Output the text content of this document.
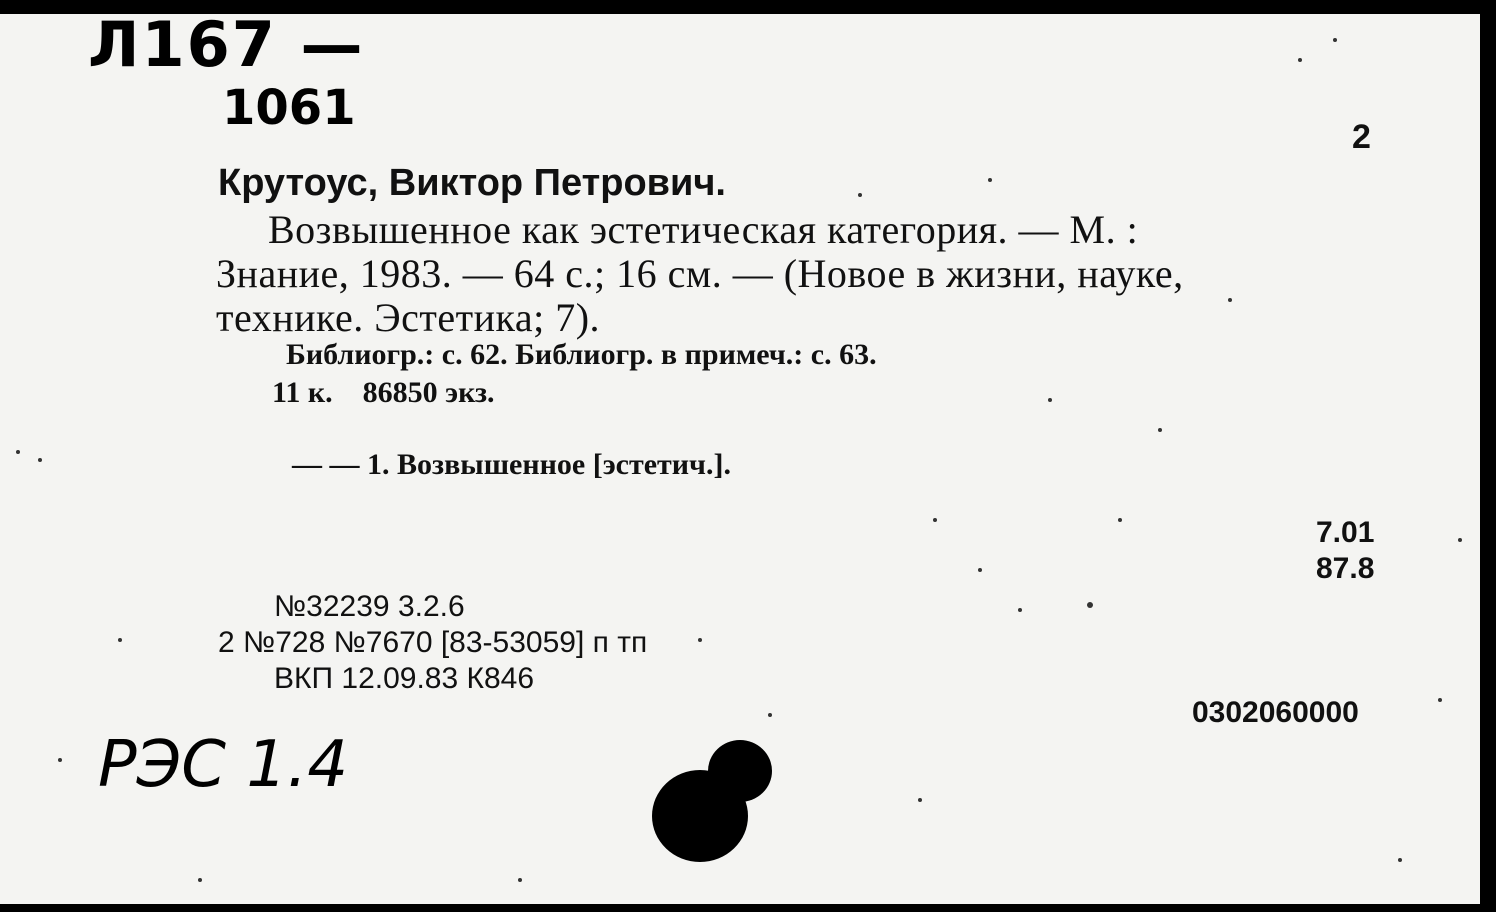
Л167 —
1061
2
Крутоус, Виктор Петрович.
Возвышенное как эстетическая категория. — М. :
Знание, 1983. — 64 с.; 16 см. — (Новое в жизни, науке,
технике. Эстетика; 7).
Библиогр.: с. 62. Библиогр. в примеч.: с. 63.
11 к.    86850 экз.
— — 1. Возвышенное [эстетич.].
7.01
87.8
№32239 3.2.6
2 №728 №7670 [83-53059] п тп
ВКП 12.09.83 К846
0302060000
РЭС 1.4
